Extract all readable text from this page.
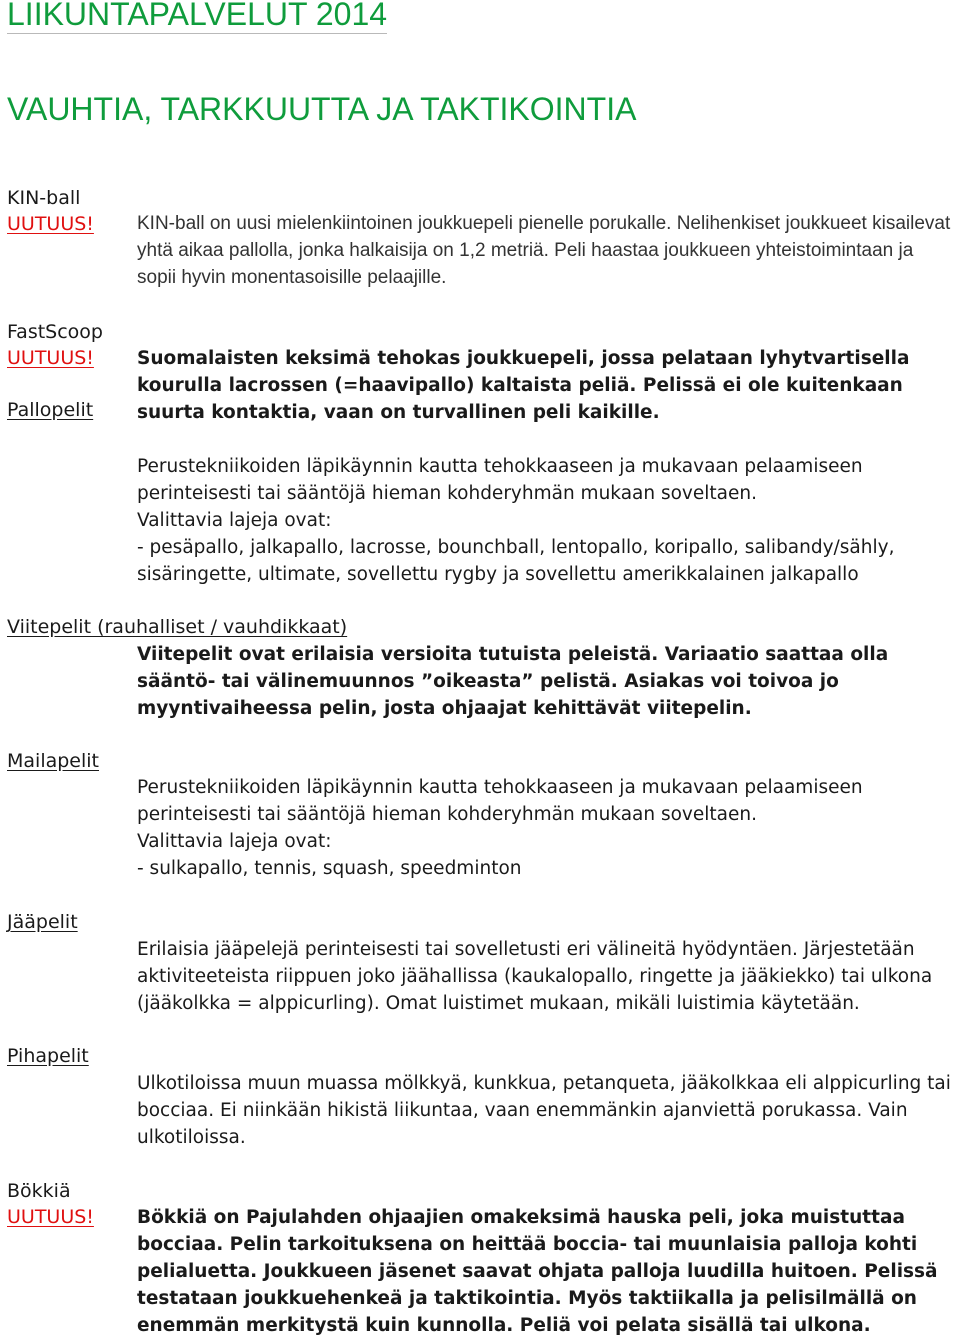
LIIKUNTAPALVELUT 2014
VAUHTIA, TARKKUUTTA JA TAKTIKOINTIA
KIN-ball
UUTUUS!	KIN-ball on uusi mielenkiintoinen joukkuepeli pienelle porukalle. Nelihenkiset joukkueet kisailevat yhtä aikaa pallolla, jonka halkaisija on 1,2 metriä. Peli haastaa joukkueen yhteistoimintaan ja sopii hyvin monentasoisille pelaajille.
FastScoop
UUTUUS!
Pallopelit

Suomalaisten keksimä tehokas joukkuepeli, jossa pelataan lyhytvartisella kourulla lacrossen (=haavipallo) kaltaista peliä. Pelissä ei ole kuitenkaan suurta kontaktia, vaan on turvallinen peli kaikille.

Perustekniikoiden läpikäynnin kautta tehokkaaseen ja mukavaan pelaamiseen perinteisesti tai sääntöjä hieman kohderyhmän mukaan soveltaen.

Valittavia lajeja ovat:

- pesäpallo, jalkapallo, lacrosse, bounchball, lentopallo, koripallo, salibandy/sähly, sisäringette, ultimate, sovellettu rygby ja sovellettu amerikkalainen jalkapallo

Viitepelit (rauhalliset / vauhdikkaat)
Viitepelit ovat erilaisia versioita tutuista peleistä. Variaatio saattaa olla sääntö- tai välinemuunnos ”oikeasta” pelistä. Asiakas voi toivoa jo myyntivaiheessa pelin, josta ohjaajat kehittävät viitepelin.
Mailapelit

Perustekniikoiden läpikäynnin kautta tehokkaaseen ja mukavaan pelaamiseen perinteisesti tai sääntöjä hieman kohderyhmän mukaan soveltaen.

Valittavia lajeja ovat:

- sulkapallo, tennis, squash, speedminton

Jääpelit
Erilaisia jääpelejä perinteisesti tai sovelletusti eri välineitä hyödyntäen. Järjestetään aktiviteeteista riippuen joko jäähallissa (kaukalopallo, ringette ja jääkiekko) tai ulkona (jääkolkka = alppicurling). Omat luistimet mukaan, mikäli luistimia käytetään.
Pihapelit
Ulkotiloissa muun muassa mölkkyä, kunkkua, petanqueta, jääkolkkaa eli alppicurling tai bocciaa. Ei niinkään hikistä liikuntaa, vaan enemmänkin ajanviettä porukassa. Vain ulkotiloissa.
Bökkiä
UUTUUS!	Bökkiä on Pajulahden ohjaajien omakeksimä hauska peli, joka muistuttaa bocciaa. Pelin tarkoituksena on heittää boccia- tai muunlaisia palloja kohti pelialuetta. Joukkueen jäsenet saavat ohjata palloja luudilla huitoen. Pelissä testataan joukkuehenkeä ja taktikointia. Myös taktiikalla ja pelisilmällä on enemmän merkitystä kuin kunnolla. Peliä voi pelata sisällä tai ulkona.
